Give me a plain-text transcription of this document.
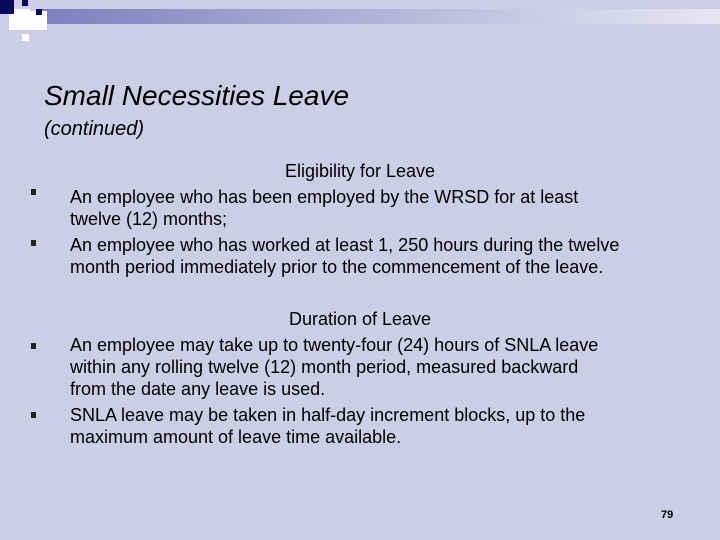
Small Necessities Leave
(continued)
Eligibility for Leave
An employee who has been employed by the WRSD for at least
twelve (12) months;
An employee who has worked at least 1, 250 hours during the twelve
month period immediately prior to the commencement of the leave.
Duration of Leave
An employee may take up to twenty-four (24) hours of SNLA leave
within any rolling twelve (12) month period, measured backward
from the date any leave is used.
SNLA leave may be taken in half-day increment blocks, up to the
maximum amount of leave time available.
79
